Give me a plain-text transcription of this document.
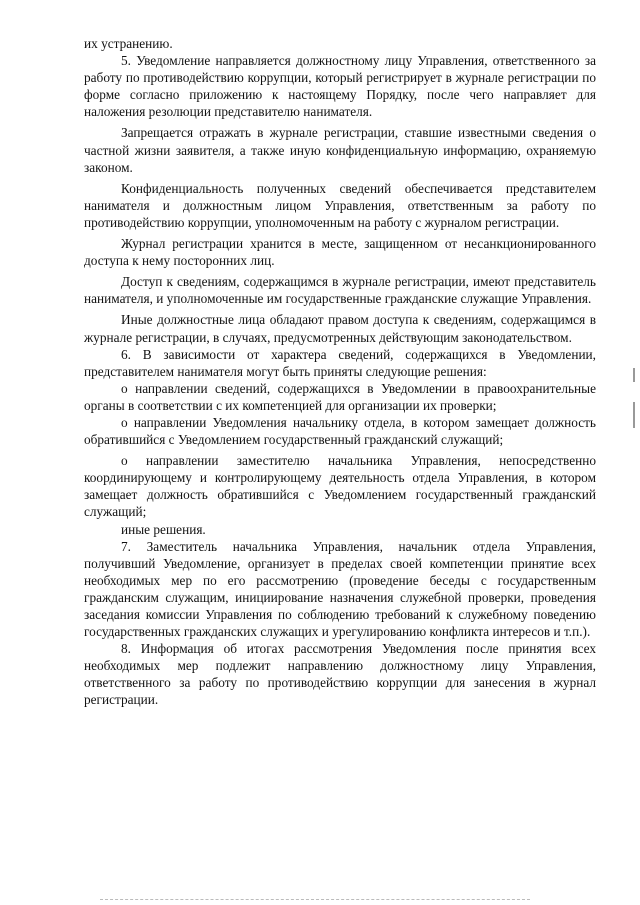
их устранению.

5. Уведомление направляется должностному лицу Управления, ответственного за работу по противодействию коррупции, который регистрирует в журнале регистрации по форме согласно приложению к настоящему Порядку, после чего направляет для наложения резолюции представителю нанимателя.

Запрещается отражать в журнале регистрации, ставшие известными сведения о частной жизни заявителя, а также иную конфиденциальную информацию, охраняемую законом.

Конфиденциальность полученных сведений обеспечивается представителем нанимателя и должностным лицом Управления, ответственным за работу по противодействию коррупции, уполномоченным на работу с журналом регистрации.

Журнал регистрации хранится в месте, защищенном от несанкционированного доступа к нему посторонних лиц.

Доступ к сведениям, содержащимся в журнале регистрации, имеют представитель нанимателя, и уполномоченные им государственные гражданские служащие Управления.

Иные должностные лица обладают правом доступа к сведениям, содержащимся в журнале регистрации, в случаях, предусмотренных действующим законодательством.

6. В зависимости от характера сведений, содержащихся в Уведомлении, представителем нанимателя могут быть приняты следующие решения:

о направлении сведений, содержащихся в Уведомлении в правоохранительные органы в соответствии с их компетенцией для организации их проверки;

о направлении Уведомления начальнику отдела, в котором замещает должность обратившийся с Уведомлением государственный гражданский служащий;

о направлении заместителю начальника Управления, непосредственно координирующему и контролирующему деятельность отдела Управления, в котором замещает должность обратившийся с Уведомлением государственный гражданский служащий;

иные решения.

7. Заместитель начальника Управления, начальник отдела Управления, получивший Уведомление, организует в пределах своей компетенции принятие всех необходимых мер по его рассмотрению (проведение беседы с государственным гражданским служащим, инициирование назначения служебной проверки, проведения заседания комиссии Управления по соблюдению требований к служебному поведению государственных гражданских служащих и урегулированию конфликта интересов и т.п.).

8. Информация об итогах рассмотрения Уведомления после принятия всех необходимых мер подлежит направлению должностному лицу Управления, ответственного за работу по противодействию коррупции для занесения в журнал регистрации.
